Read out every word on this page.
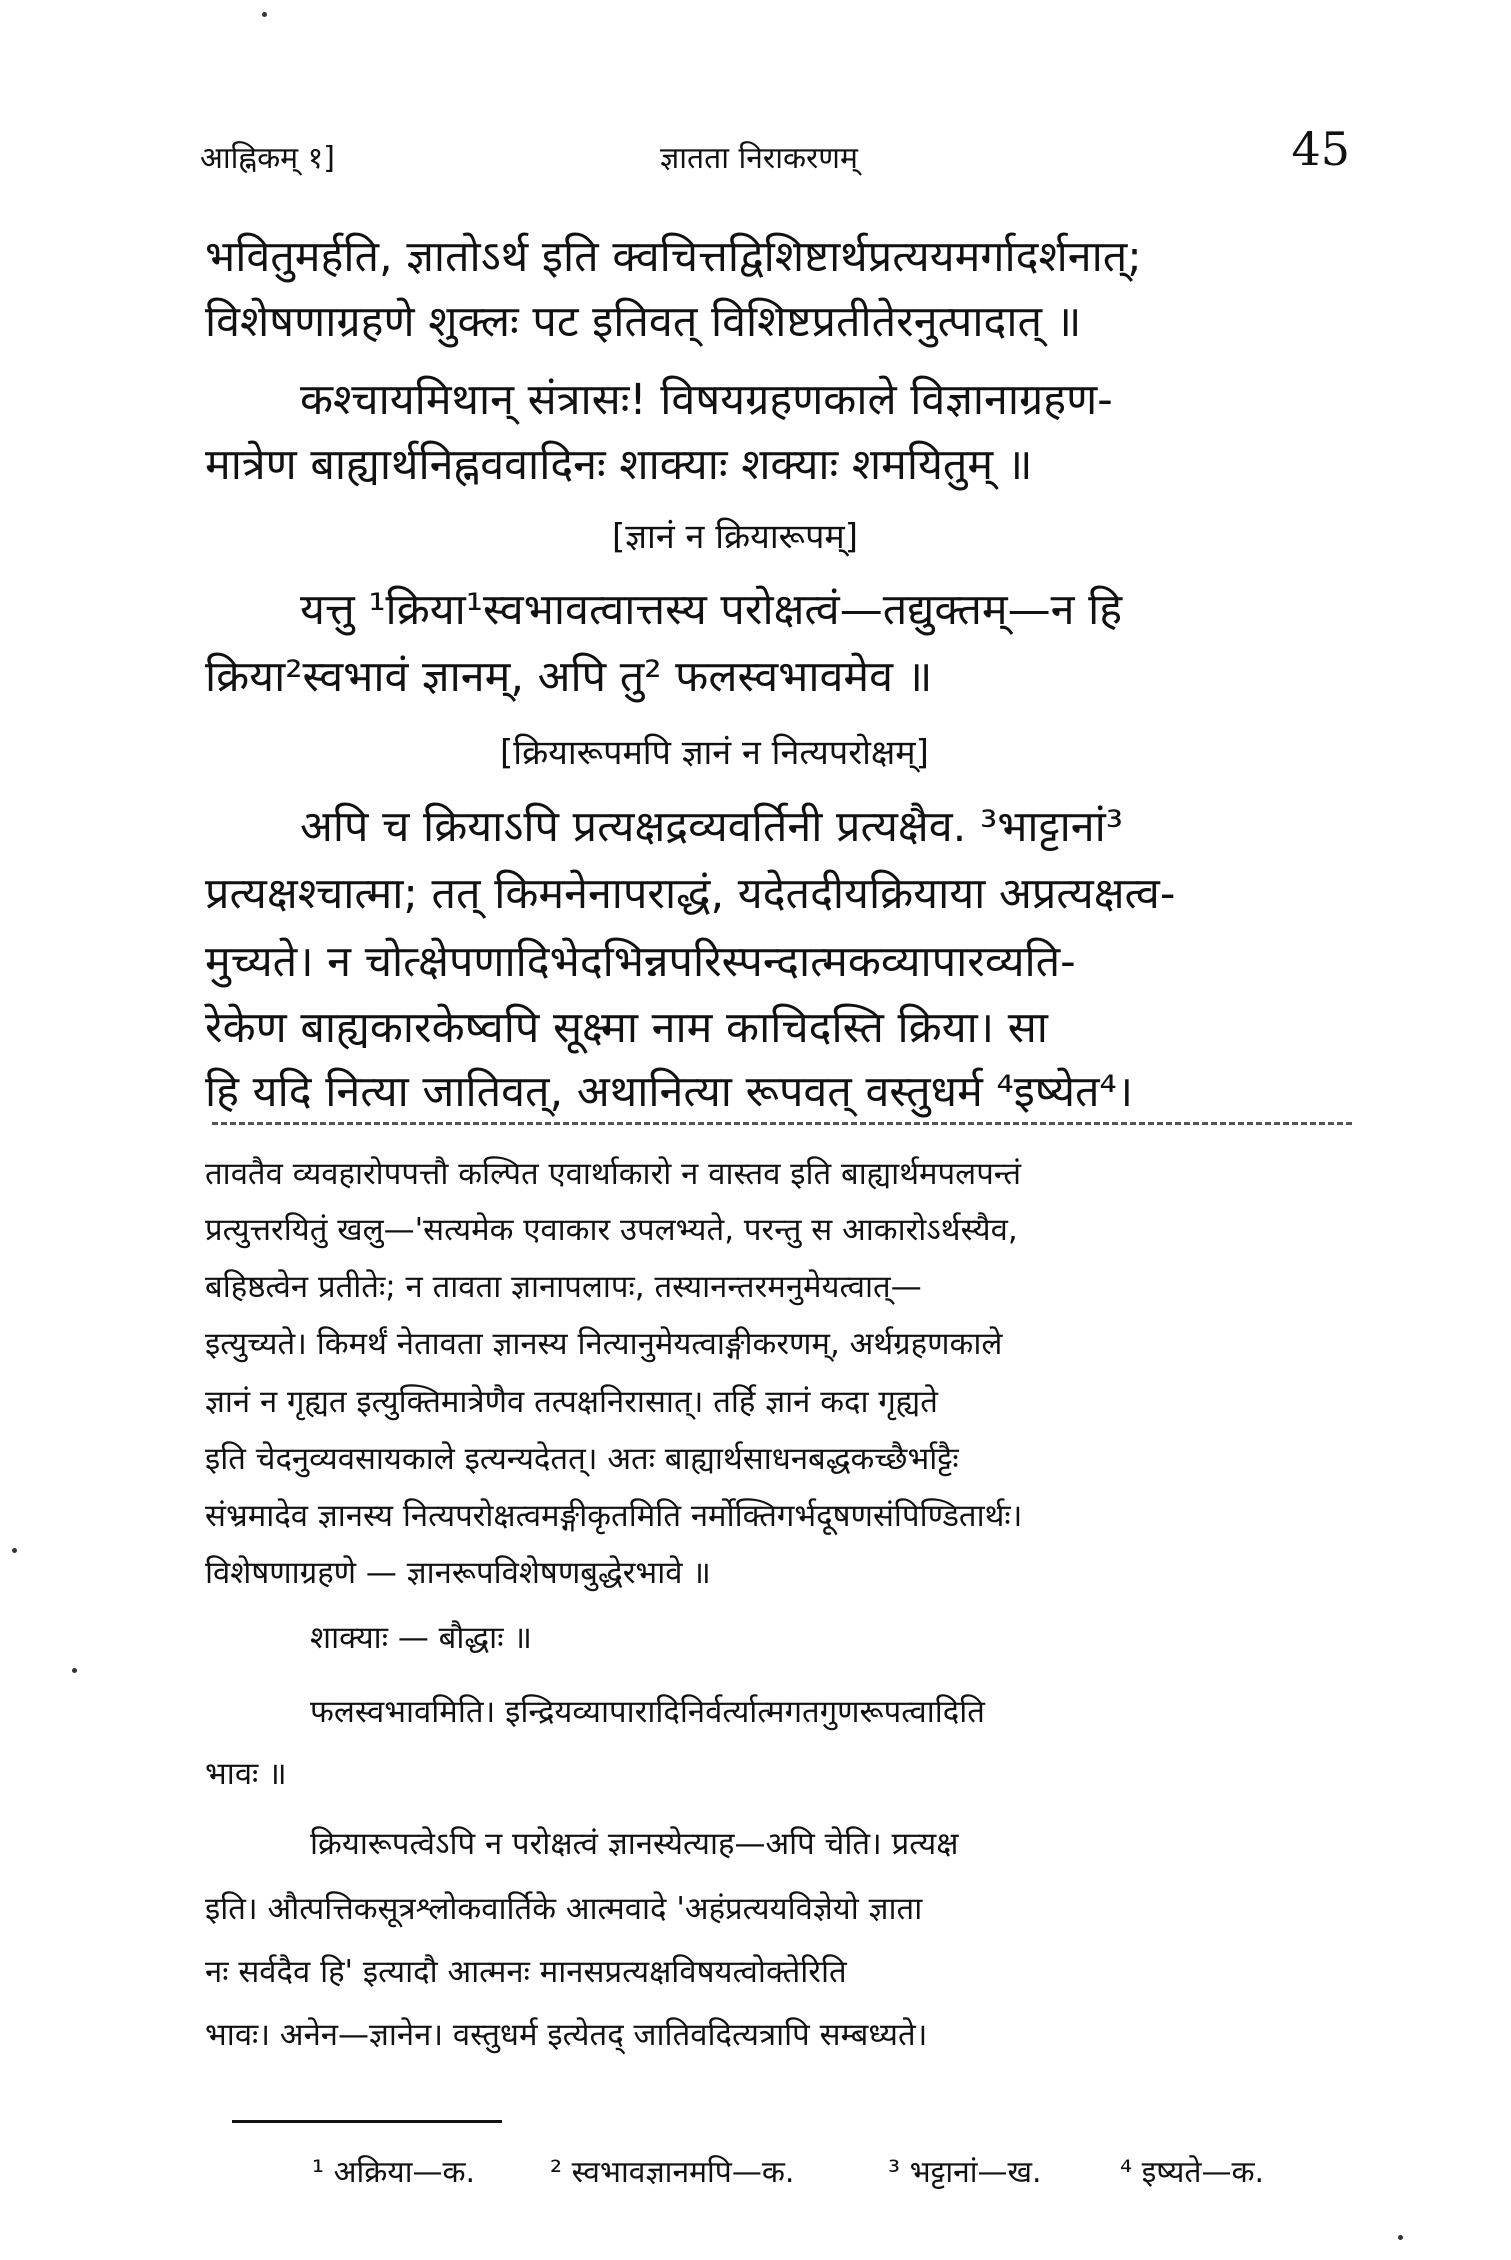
आह्निकम् १]	ज्ञातता निराकरणम्	45
भवितुमर्हति, ज्ञातोऽर्थ इति क्वचित्तद्विशिष्टार्थप्रत्ययमर्गादर्शनात्;
विशेषणाग्रहणे शुक्लः पट इतिवत् विशिष्टप्रतीतेरनुत्पादात् ॥
कश्चायमिथान् संत्रासः! विषयग्रहणकाले विज्ञानाग्रहण-
मात्रेण बाह्यार्थनिह्नववादिनः शाक्याः शक्याः शमयितुम् ॥
[ज्ञानं न क्रियारूपम्]
यत्तु ¹क्रिया¹स्वभावत्वात्तस्य परोक्षत्वं—तद्युक्तम्—न हि
क्रिया²स्वभावं ज्ञानम्, अपि तु² फलस्वभावमेव ॥
[क्रियारूपमपि ज्ञानं न नित्यपरोक्षम्]
अपि च क्रियाऽपि प्रत्यक्षद्रव्यवर्तिनी प्रत्यक्षैव. ³भाट्टानां³
प्रत्यक्षश्चात्मा; तत् किमनेनापराद्धं, यदेतदीयक्रियाया अप्रत्यक्षत्व-
मुच्यते। न चोत्क्षेपणादिभेदभिन्नपरिस्पन्दात्मकव्यापारव्यति-
रेकेण बाह्यकारकेष्वपि सूक्ष्मा नाम काचिदस्ति क्रिया। सा
हि यदि नित्या जातिवत्, अथानित्या रूपवत् वस्तुधर्म ⁴इष्येत⁴।
तावतैव व्यवहारोपपत्तौ कल्पित एवार्थाकारो न वास्तव इति बाह्यार्थमपलपन्तं
प्रत्युत्तरयितुं खलु—'सत्यमेक एवाकार उपलभ्यते, परन्तु स आकारोऽर्थस्यैव,
बहिष्ठत्वेन प्रतीतेः; न तावता ज्ञानापलापः, तस्यानन्तरमनुमेयत्वात्—
इत्युच्यते। किमर्थं नेतावता ज्ञानस्य नित्यानुमेयत्वाङ्गीकरणम्, अर्थग्रहणकाले
ज्ञानं न गृह्यत इत्युक्तिमात्रेणैव तत्पक्षनिरासात्। तर्हि ज्ञानं कदा गृह्यते
इति चेदनुव्यवसायकाले इत्यन्यदेतत्। अतः बाह्यार्थसाधनबद्धकच्छैर्भाट्टैः
संभ्रमादेव ज्ञानस्य नित्यपरोक्षत्वमङ्गीकृतमिति नर्मोक्तिगर्भदूषणसंपिण्डितार्थः।
विशेषणाग्रहणे — ज्ञानरूपविशेषणबुद्धेरभावे ॥
शाक्याः — बौद्धाः ॥
फलस्वभावमिति। इन्द्रियव्यापारादिनिर्वर्त्यात्मगतगुणरूपत्वादिति
भावः ॥
क्रियारूपत्वेऽपि न परोक्षत्वं ज्ञानस्येत्याह—अपि चेति। प्रत्यक्ष
इति। औत्पत्तिकसूत्रश्लोकवार्तिके आत्मवादे 'अहंप्रत्ययविज्ञेयो ज्ञाता
नः सर्वदैव हि' इत्यादौ आत्मनः मानसप्रत्यक्षविषयत्वोक्तेरिति
भावः। अनेन—ज्ञानेन। वस्तुधर्म इत्येतद् जातिवदित्यत्रापि सम्बध्यते।
¹ अक्रिया—क. ² स्वभावज्ञानमपि—क.	³ भट्टानां—ख.	⁴ इष्यते—क.
